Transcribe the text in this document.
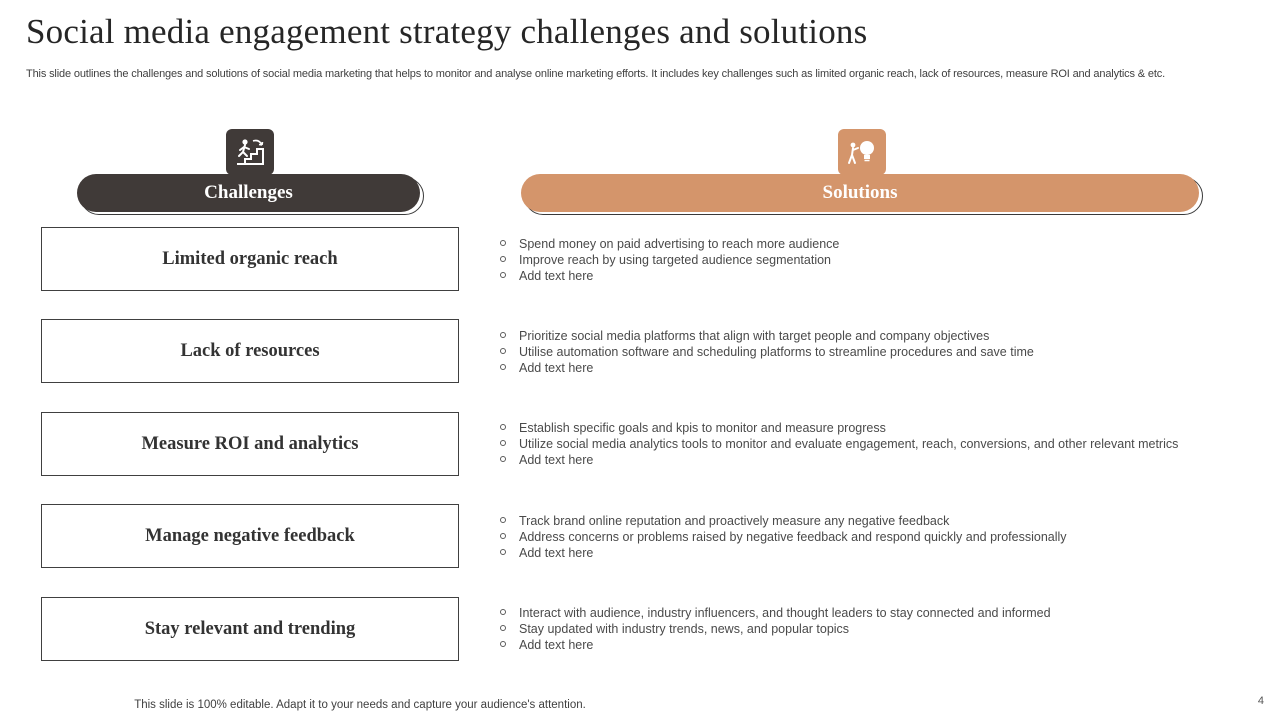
Social media engagement strategy challenges and solutions

This slide outlines the challenges and solutions of social media marketing that helps to monitor and analyse online marketing efforts. It includes key challenges such as limited organic reach, lack of resources, measure ROI and analytics & etc.

Challenges	Solutions
Limited organic reach
Spend money on paid advertising to reach more audience
Improve reach by using targeted audience segmentation
Add text here
Lack of resources
Prioritize social media platforms that align with target people and company objectives
Utilise automation software and scheduling platforms to streamline procedures and save time
Add text here
Measure ROI and analytics
Establish specific goals and kpis to monitor and measure progress
Utilize social media analytics tools to monitor and evaluate engagement, reach, conversions, and other relevant metrics
Add text here
Manage negative feedback
Track brand online reputation and proactively measure any negative feedback
Address concerns or problems raised by negative feedback and respond quickly and professionally
Add text here
Stay relevant and trending
Interact with audience, industry influencers, and thought leaders to stay connected and informed
Stay updated with industry trends, news, and popular topics
Add text here
This slide is 100% editable. Adapt it to your needs and capture your audience's attention.	4
